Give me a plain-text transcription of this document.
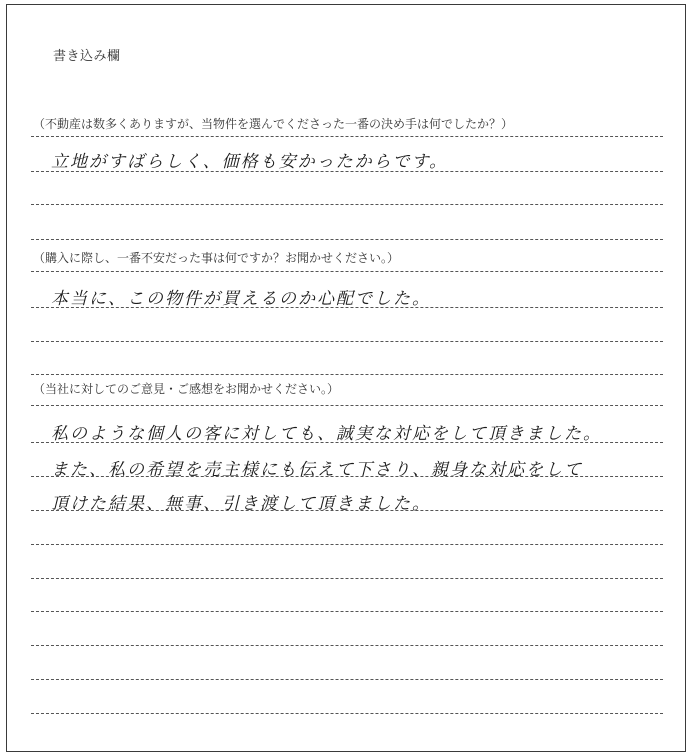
書き込み欄
（不動産は数多くありますが、当物件を選んでくださった一番の決め手は何でしたか？）
立地がすばらしく、価格も安かったからです。
（購入に際し、一番不安だった事は何ですか？お聞かせください。）
本当に、この物件が買えるのか心配でした。
（当社に対してのご意見・ご感想をお聞かせください。）
私のような個人の客に対しても、誠実な対応をして頂きました。
また、私の希望を売主様にも伝えて下さり、親身な対応をして
頂けた結果、無事、引き渡して頂きました。
